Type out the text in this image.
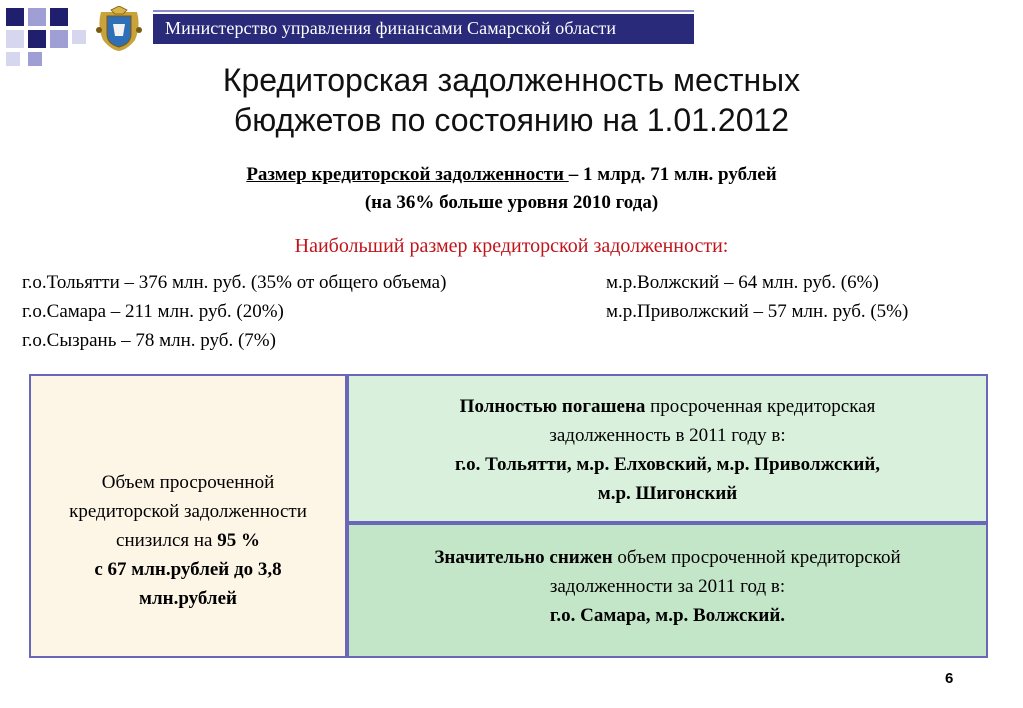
Министерство управления финансами Самарской области
Кредиторская задолженность местных
бюджетов по состоянию на 1.01.2012
Размер кредиторской задолженности – 1 млрд. 71 млн. рублей
(на 36% больше уровня 2010 года)
Наибольший размер кредиторской задолженности:
г.о.Тольятти – 376 млн. руб. (35% от общего объема)
г.о.Самара – 211 млн. руб. (20%)
г.о.Сызрань – 78 млн. руб. (7%)
м.р.Волжский – 64 млн. руб. (6%)
м.р.Приволжский – 57 млн. руб. (5%)
Объем просроченной
кредиторской задолженности
снизился на 95 %
с 67 млн.рублей до 3,8
млн.рублей
Полностью погашена просроченная кредиторская
задолженность в 2011 году в:
г.о. Тольятти, м.р. Елховский, м.р. Приволжский,
м.р. Шигонский
Значительно снижен объем просроченной кредиторской
задолженности за 2011 год в:
г.о. Самара, м.р. Волжский.
6
